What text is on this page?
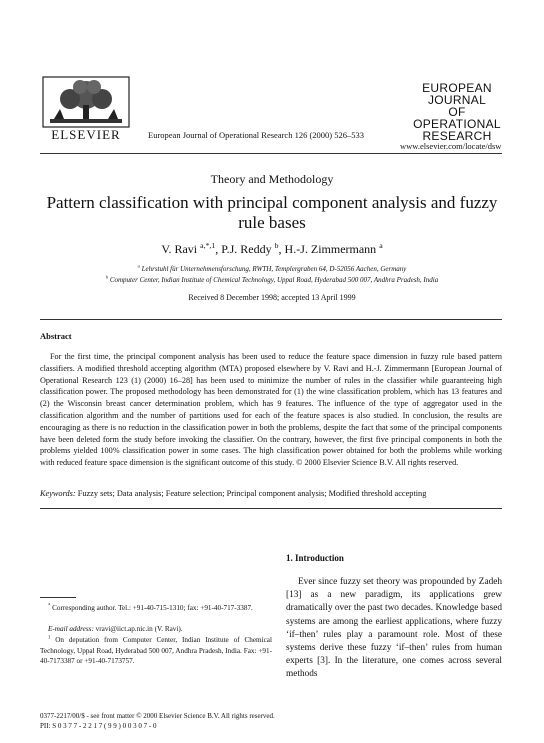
ELSEVIER	European Journal of Operational Research 126 (2000) 526–533
EUROPEAN
JOURNAL
OF OPERATIONAL
RESEARCH
www.elsevier.com/locate/dsw
Theory and Methodology
Pattern classification with principal component analysis and fuzzy rule bases
V. Ravi $^{a,*,1}$, P.J. Reddy $^b$, H.-J. Zimmermann $^a$
$^a$ Lehrstuhl für Unternehmensforschung, RWTH, Templergraben 64, D-52056 Aachen, Germany
$^b$ Computer Center, Indian Institute of Chemical Technology, Uppal Road, Hyderabad 500 007, Andhra Pradesh, India
Received 8 December 1998; accepted 13 April 1999
Abstract
For the first time, the principal component analysis has been used to reduce the feature space dimension in fuzzy rule based pattern classifiers. A modified threshold accepting algorithm (MTA) proposed elsewhere by V. Ravi and H.-J. Zimmermann [European Journal of Operational Research 123 (1) (2000) 16–28] has been used to minimize the number of rules in the classifier while guaranteeing high classification power. The proposed methodology has been demonstrated for (1) the wine classification problem, which has 13 features and (2) the Wisconsin breast cancer determination problem, which has 9 features. The influence of the type of aggregator used in the classification algorithm and the number of partitions used for each of the feature spaces is also studied. In conclusion, the results are encouraging as there is no reduction in the classification power in both the problems, despite the fact that some of the principal components have been deleted form the study before invoking the classifier. On the contrary, however, the first five principal components in both the problems yielded 100% classification power in some cases. The high classification power obtained for both the problems while working with reduced feature space dimension is the significant outcome of this study. © 2000 Elsevier Science B.V. All rights reserved.
Keywords: Fuzzy sets; Data analysis; Feature selection; Principal component analysis; Modified threshold accepting
1. Introduction
Ever since fuzzy set theory was propounded by Zadeh [13] as a new paradigm, its applications grew dramatically over the past two decades. Knowledge based systems are among the earliest applications, where fuzzy ‘if–then’ rules play a paramount role. Most of these systems derive these fuzzy ‘if–then’ rules from human experts [3]. In the literature, one comes across several methods
* Corresponding author. Tel.: +91-40-715-1310; fax: +91-40-717-3387.
E-mail address: vravi@iict.ap.nic.in (V. Ravi).
$^1$ On deputation from Computer Center, Indian Institute of Chemical Technology, Uppal Road, Hyderabad 500 007, Andhra Pradesh, India. Fax: +91-40-7173387 or +91-40-7173757.
0377-2217/00/$ - see front matter © 2000 Elsevier Science B.V. All rights reserved.
PII: S 0 3 7 7 - 2 2 1 7 ( 9 9 ) 0 0 3 0 7 - 0
